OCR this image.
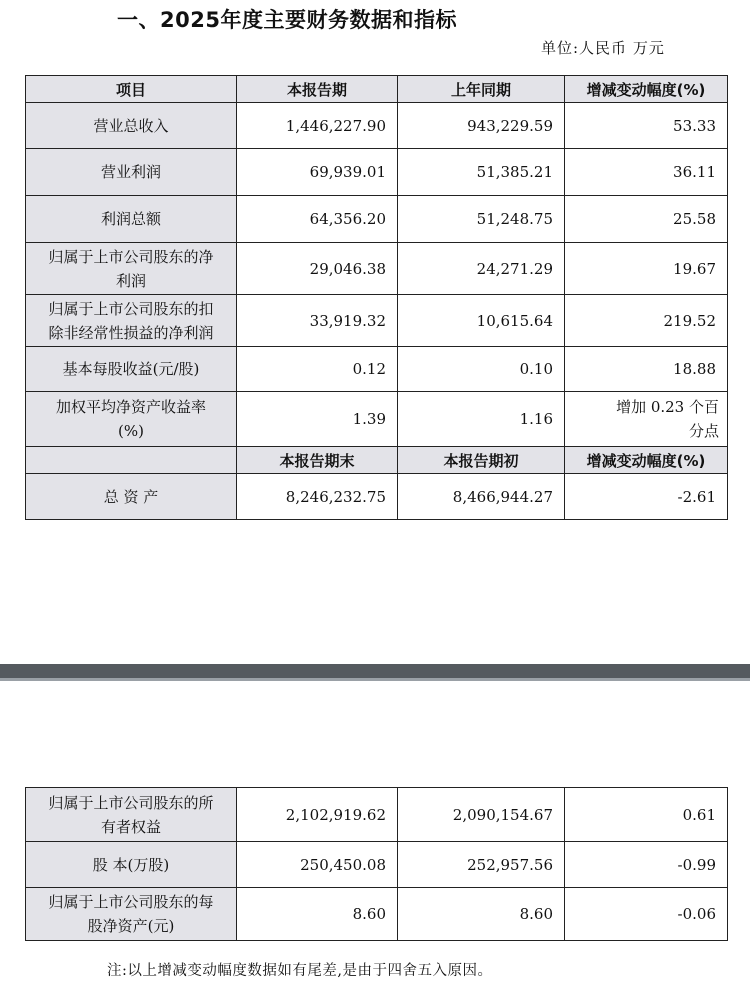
一、2025年度主要财务数据和指标
单位:人民币 万元
项目	本报告期	上年同期	增减变动幅度(%)
营业总收入	1,446,227.90	943,229.59	53.33
营业利润	69,939.01	51,385.21	36.11
利润总额	64,356.20	51,248.75	25.58

归属于上市公司股东的净
利润	29,046.38	24,271.29	19.67

归属于上市公司股东的扣
除非经常性损益的净利润	33,919.32	10,615.64	219.52
基本每股收益(元/股)	0.12	0.10	18.88

加权平均净资产收益率
(%)	1.39	1.16	增加 0.23 个百
分点

	本报告期末	本报告期初	增减变动幅度(%)
总 资 产	8,246,232.75	8,466,944.27	-2.61
归属于上市公司股东的所
有者权益	2,102,919.62	2,090,154.67	0.61
股 本(万股)	250,450.08	252,957.56	-0.99

归属于上市公司股东的每
股净资产(元)	8.60	8.60	-0.06
注:以上增减变动幅度数据如有尾差,是由于四舍五入原因。
